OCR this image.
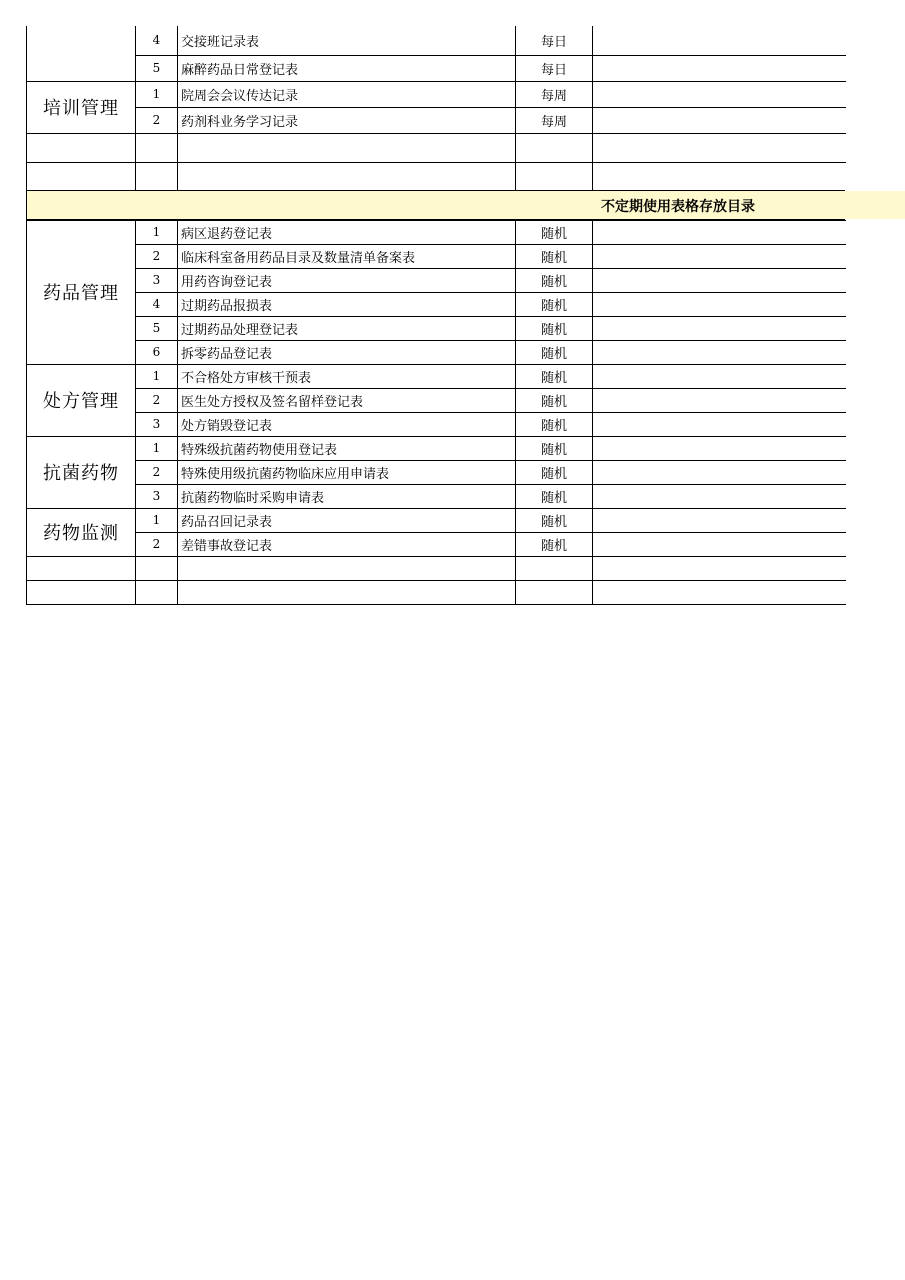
	4	交接班记录表	每日	
	5	麻醉药品日常登记表	每日	
培训管理	1	院周会会议传达记录	每周	
	2	药剂科业务学习记录	每周	

药品管理	1	病区退药登记表	随机	
	2	临床科室备用药品目录及数量清单备案表	随机	
	3	用药咨询登记表	随机	
	4	过期药品报损表	随机	
	5	过期药品处理登记表	随机	
	6	拆零药品登记表	随机	
处方管理	1	不合格处方审核干预表	随机	
	2	医生处方授权及签名留样登记表	随机	
	3	处方销毁登记表	随机	
抗菌药物	1	特殊级抗菌药物使用登记表	随机	
	2	特殊使用级抗菌药物临床应用申请表	随机	
	3	抗菌药物临时采购申请表	随机	
药物监测	1	药品召回记录表	随机	
	2	差错事故登记表	随机	

不定期使用表格存放目录
